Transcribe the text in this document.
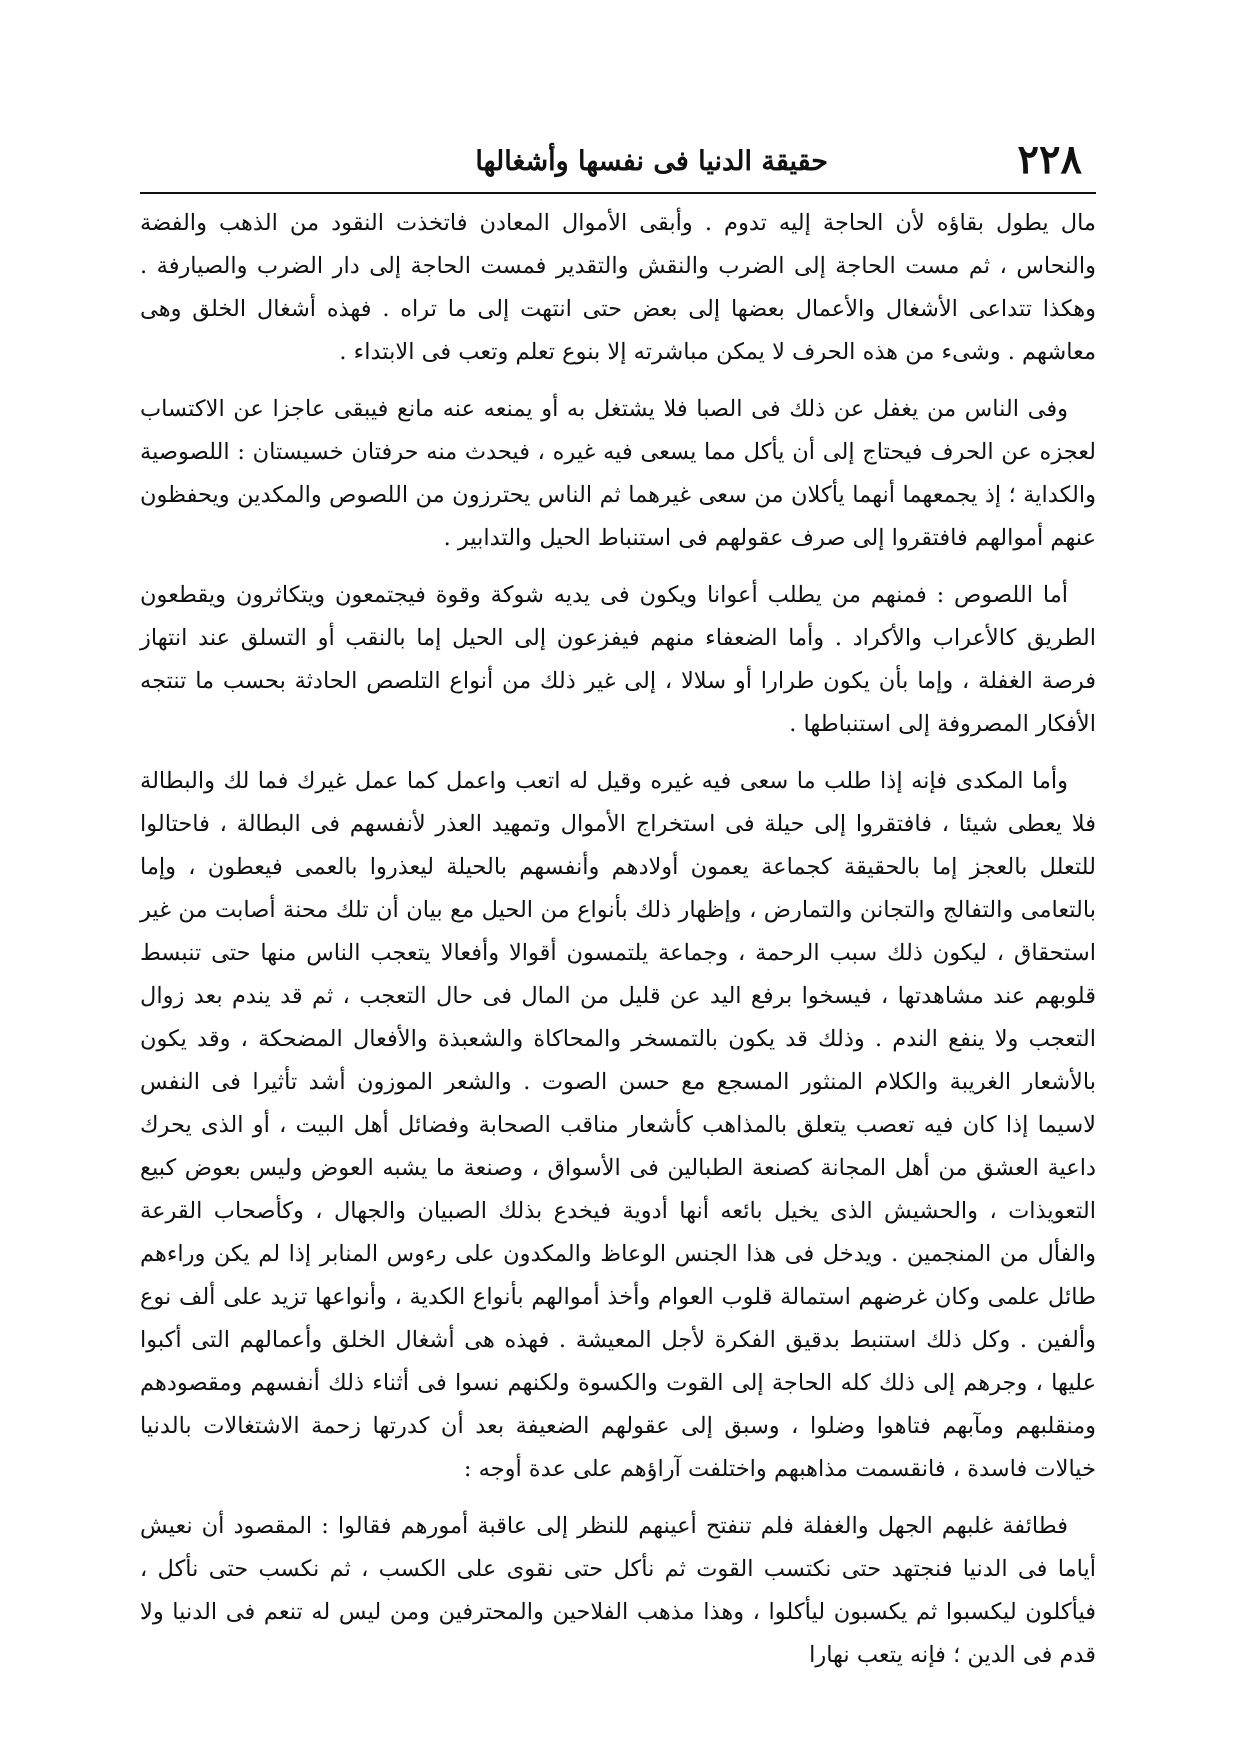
٢٢٨
حقيقة الدنيا فى نفسها وأشغالها

مال يطول بقاؤه لأن الحاجة إليه تدوم . وأبقى الأموال المعادن فاتخذت النقود من الذهب والفضة والنحاس ، ثم مست الحاجة إلى الضرب والنقش والتقدير فمست الحاجة إلى دار الضرب والصيارفة . وهكذا تتداعى الأشغال والأعمال بعضها إلى بعض حتى انتهت إلى ما تراه . فهذه أشغال الخلق وهى معاشهم . وشىء من هذه الحرف لا يمكن مباشرته إلا بنوع تعلم وتعب فى الابتداء .

وفى الناس من يغفل عن ذلك فى الصبا فلا يشتغل به أو يمنعه عنه مانع فيبقى عاجزا عن الاكتساب لعجزه عن الحرف فيحتاج إلى أن يأكل مما يسعى فيه غيره ، فيحدث منه حرفتان خسيستان : اللصوصية والكداية ؛ إذ يجمعهما أنهما يأكلان من سعى غيرهما ثم الناس يحترزون من اللصوص والمكدين ويحفظون عنهم أموالهم فافتقروا إلى صرف عقولهم فى استنباط الحيل والتدابير .

أما اللصوص : فمنهم من يطلب أعوانا ويكون فى يديه شوكة وقوة فيجتمعون ويتكاثرون ويقطعون الطريق كالأعراب والأكراد . وأما الضعفاء منهم فيفزعون إلى الحيل إما بالنقب أو التسلق عند انتهاز فرصة الغفلة ، وإما بأن يكون طرارا أو سلالا ، إلى غير ذلك من أنواع التلصص الحادثة بحسب ما تنتجه الأفكار المصروفة إلى استنباطها .

وأما المكدى فإنه إذا طلب ما سعى فيه غيره وقيل له اتعب واعمل كما عمل غيرك فما لك والبطالة فلا يعطى شيئا ، فافتقروا إلى حيلة فى استخراج الأموال وتمهيد العذر لأنفسهم فى البطالة ، فاحتالوا للتعلل بالعجز إما بالحقيقة كجماعة يعمون أولادهم وأنفسهم بالحيلة ليعذروا بالعمى فيعطون ، وإما بالتعامى والتفالج والتجانن والتمارض ، وإظهار ذلك بأنواع من الحيل مع بيان أن تلك محنة أصابت من غير استحقاق ، ليكون ذلك سبب الرحمة ، وجماعة يلتمسون أقوالا وأفعالا يتعجب الناس منها حتى تنبسط قلوبهم عند مشاهدتها ، فيسخوا برفع اليد عن قليل من المال فى حال التعجب ، ثم قد يندم بعد زوال التعجب ولا ينفع الندم . وذلك قد يكون بالتمسخر والمحاكاة والشعبذة والأفعال المضحكة ، وقد يكون بالأشعار الغريبة والكلام المنثور المسجع مع حسن الصوت . والشعر الموزون أشد تأثيرا فى النفس لاسيما إذا كان فيه تعصب يتعلق بالمذاهب كأشعار مناقب الصحابة وفضائل أهل البيت ، أو الذى يحرك داعية العشق من أهل المجانة كصنعة الطبالين فى الأسواق ، وصنعة ما يشبه العوض وليس بعوض كبيع التعويذات ، والحشيش الذى يخيل بائعه أنها أدوية فيخدع بذلك الصبيان والجهال ، وكأصحاب القرعة والفأل من المنجمين . ويدخل فى هذا الجنس الوعاظ والمكدون على رءوس المنابر إذا لم يكن وراءهم طائل علمى وكان غرضهم استمالة قلوب العوام وأخذ أموالهم بأنواع الكدية ، وأنواعها تزيد على ألف نوع وألفين . وكل ذلك استنبط بدقيق الفكرة لأجل المعيشة . فهذه هى أشغال الخلق وأعمالهم التى أكبوا عليها ، وجرهم إلى ذلك كله الحاجة إلى القوت والكسوة ولكنهم نسوا فى أثناء ذلك أنفسهم ومقصودهم ومنقلبهم ومآبهم فتاهوا وضلوا ، وسبق إلى عقولهم الضعيفة بعد أن كدرتها زحمة الاشتغالات بالدنيا خيالات فاسدة ، فانقسمت مذاهبهم واختلفت آراؤهم على عدة أوجه :

فطائفة غلبهم الجهل والغفلة فلم تنفتح أعينهم للنظر إلى عاقبة أمورهم فقالوا : المقصود أن نعيش أياما فى الدنيا فنجتهد حتى نكتسب القوت ثم نأكل حتى نقوى على الكسب ، ثم نكسب حتى نأكل ، فيأكلون ليكسبوا ثم يكسبون ليأكلوا ، وهذا مذهب الفلاحين والمحترفين ومن ليس له تنعم فى الدنيا ولا قدم فى الدين ؛ فإنه يتعب نهارا
